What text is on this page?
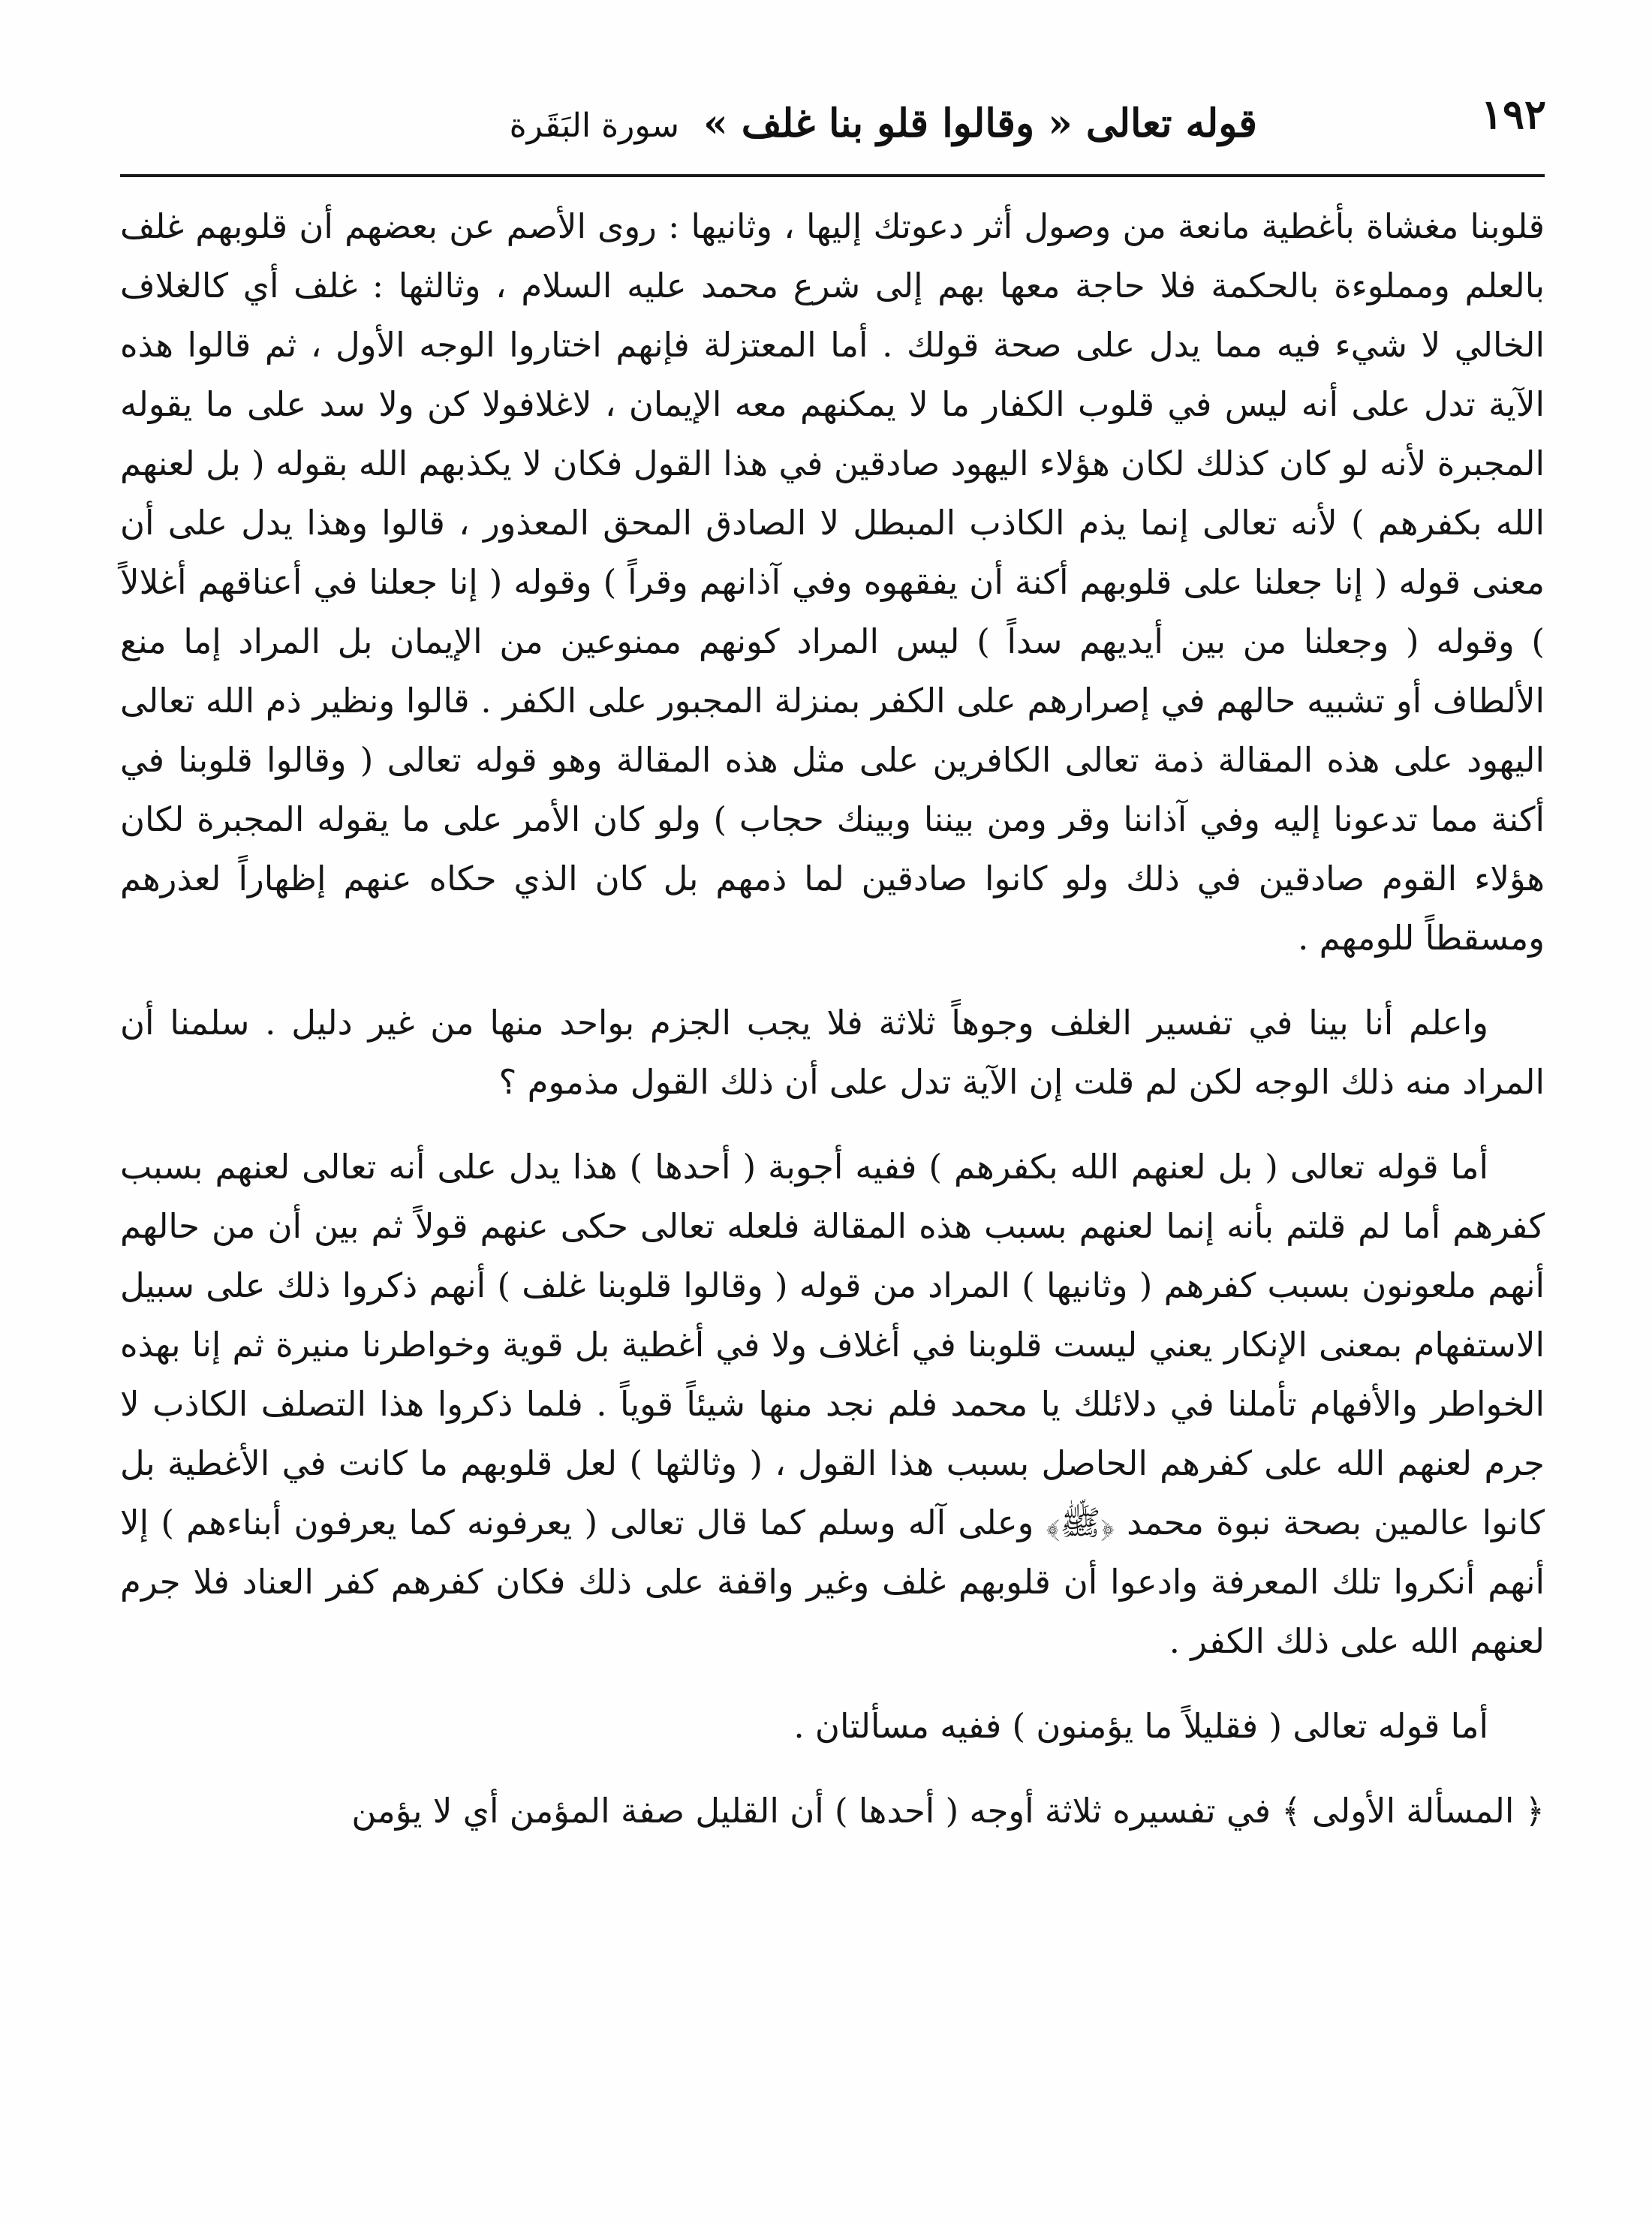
١٩٢
قوله تعالى « وقالوا قلو بنا غلف » سورة البَقَرة

قلوبنا مغشاة بأغطية مانعة من وصول أثر دعوتك إليها ، وثانيها : روى الأصم عن بعضهم أن قلوبهم غلف بالعلم ومملوءة بالحكمة فلا حاجة معها بهم إلى شرع محمد عليه السلام ، وثالثها : غلف أي كالغلاف الخالي لا شيء فيه مما يدل على صحة قولك . أما المعتزلة فإنهم اختاروا الوجه الأول ، ثم قالوا هذه الآية تدل على أنه ليس في قلوب الكفار ما لا يمكنهم معه الإيمان ، لاغلافولا كن ولا سد على ما يقوله المجبرة لأنه لو كان كذلك لكان هؤلاء اليهود صادقين في هذا القول فكان لا يكذبهم الله بقوله ( بل لعنهم الله بكفرهم ) لأنه تعالى إنما يذم الكاذب المبطل لا الصادق المحق المعذور ، قالوا وهذا يدل على أن معنى قوله ( إنا جعلنا على قلوبهم أكنة أن يفقهوه وفي آذانهم وقراً ) وقوله ( إنا جعلنا في أعناقهم أغلالاً ) وقوله ( وجعلنا من بين أيديهم سداً ) ليس المراد كونهم ممنوعين من الإيمان بل المراد إما منع الألطاف أو تشبيه حالهم في إصرارهم على الكفر بمنزلة المجبور على الكفر . قالوا ونظير ذم الله تعالى اليهود على هذه المقالة ذمة تعالى الكافرين على مثل هذه المقالة وهو قوله تعالى ( وقالوا قلوبنا في أكنة مما تدعونا إليه وفي آذاننا وقر ومن بيننا وبينك حجاب ) ولو كان الأمر على ما يقوله المجبرة لكان هؤلاء القوم صادقين في ذلك ولو كانوا صادقين لما ذمهم بل كان الذي حكاه عنهم إظهاراً لعذرهم ومسقطاً للومهم .

واعلم أنا بينا في تفسير الغلف وجوهاً ثلاثة فلا يجب الجزم بواحد منها من غير دليل . سلمنا أن المراد منه ذلك الوجه لكن لم قلت إن الآية تدل على أن ذلك القول مذموم ؟

أما قوله تعالى ( بل لعنهم الله بكفرهم ) ففيه أجوبة ( أحدها ) هذا يدل على أنه تعالى لعنهم بسبب كفرهم أما لم قلتم بأنه إنما لعنهم بسبب هذه المقالة فلعله تعالى حكى عنهم قولاً ثم بين أن من حالهم أنهم ملعونون بسبب كفرهم ( وثانيها ) المراد من قوله ( وقالوا قلوبنا غلف ) أنهم ذكروا ذلك على سبيل الاستفهام بمعنى الإنكار يعني ليست قلوبنا في أغلاف ولا في أغطية بل قوية وخواطرنا منيرة ثم إنا بهذه الخواطر والأفهام تأملنا في دلائلك يا محمد فلم نجد منها شيئاً قوياً . فلما ذكروا هذا التصلف الكاذب لا جرم لعنهم الله على كفرهم الحاصل بسبب هذا القول ، ( وثالثها ) لعل قلوبهم ما كانت في الأغطية بل كانوا عالمين بصحة نبوة محمد ﴿ﷺ﴾ وعلى آله وسلم كما قال تعالى ( يعرفونه كما يعرفون أبناءهم ) إلا أنهم أنكروا تلك المعرفة وادعوا أن قلوبهم غلف وغير واقفة على ذلك فكان كفرهم كفر العناد فلا جرم لعنهم الله على ذلك الكفر .

أما قوله تعالى ( فقليلاً ما يؤمنون ) ففيه مسألتان .

﴿ المسألة الأولى ﴾ في تفسيره ثلاثة أوجه ( أحدها ) أن القليل صفة المؤمن أي لا يؤمن
